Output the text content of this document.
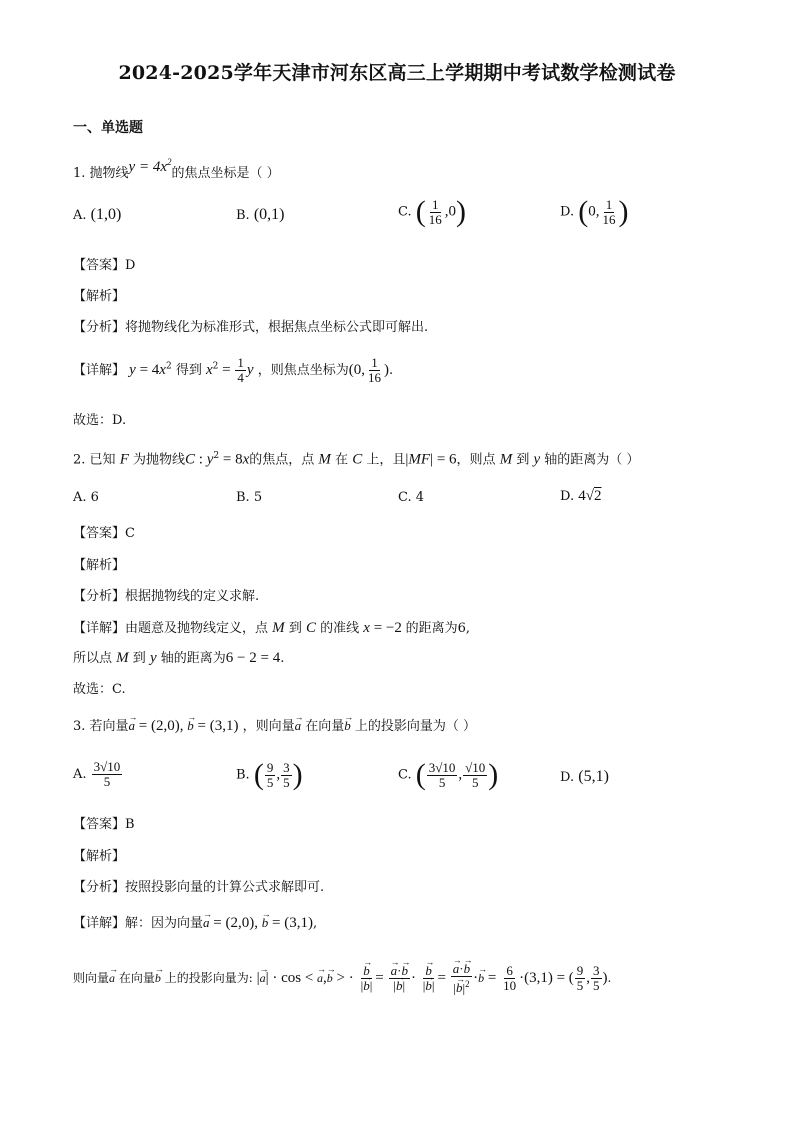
2024-2025学年天津市河东区高三上学期期中考试数学检测试卷
一、单选题
1. 抛物线$y = 4x^2$的焦点坐标是（ ）
A. (1,0)	B. (0,1)	C. ( $\frac{1}{16} ,0$)	D. (0, $\frac{1}{16}$ )
【答案】D
【解析】
【分析】将抛物线化为标准形式，根据焦点坐标公式即可解出.
【详解】 $y = 4x^2$ 得到 $x^2 = \frac{1}{4}$ y ，则焦点坐标为(0, $\frac{1}{16}$ ).
故选：D.
2. 已知 F 为抛物线C : $y^2 = 8x$的焦点，点 M 在 C 上，且|MF| = 6，则点 M 到 y 轴的距离为（ ）
A. 6	B. 5	C. 4	D. 4√2
【答案】C
【解析】
【分析】根据抛物线的定义求解.
【详解】由题意及抛物线定义，点 M 到 C 的准线 x = −2 的距离为6,
所以点 M 到 y 轴的距离为6 − 2 = 4.
故选：C.
3. 若向量→ a = (2,0), → b = (3,1) ，则向量→ a 在向量→ b 上的投影向量为（ ）
A. $\frac{3√10}{5}$	B. ( $\frac{9}{5}$ , $\frac{3}{5}$ )	C. ( $\frac{3√10}{5}$ , $\frac{√10}{5}$ )	D. (5,1)
【答案】B
【解析】
【分析】按照投影向量的计算公式求解即可.
【详解】解：因为向量→ a = (2,0), → b = (3,1),
则向量→ a 在向量→ b 上的投影向量为: |→ a| · cos < → a,→ b > · → $\frac{b}{|\to b|}$ = → $\frac{a\cdot\to b}{|\to b|}$ · → $\frac{b}{|\to b|}$ = → $\frac{a\cdot\to b}{|\to b|^2} \cdot\to b = \frac{6}{10} \cdot(3,1)$ = ( $\frac{9}{5}$ , $\frac{3}{5}$ ).
